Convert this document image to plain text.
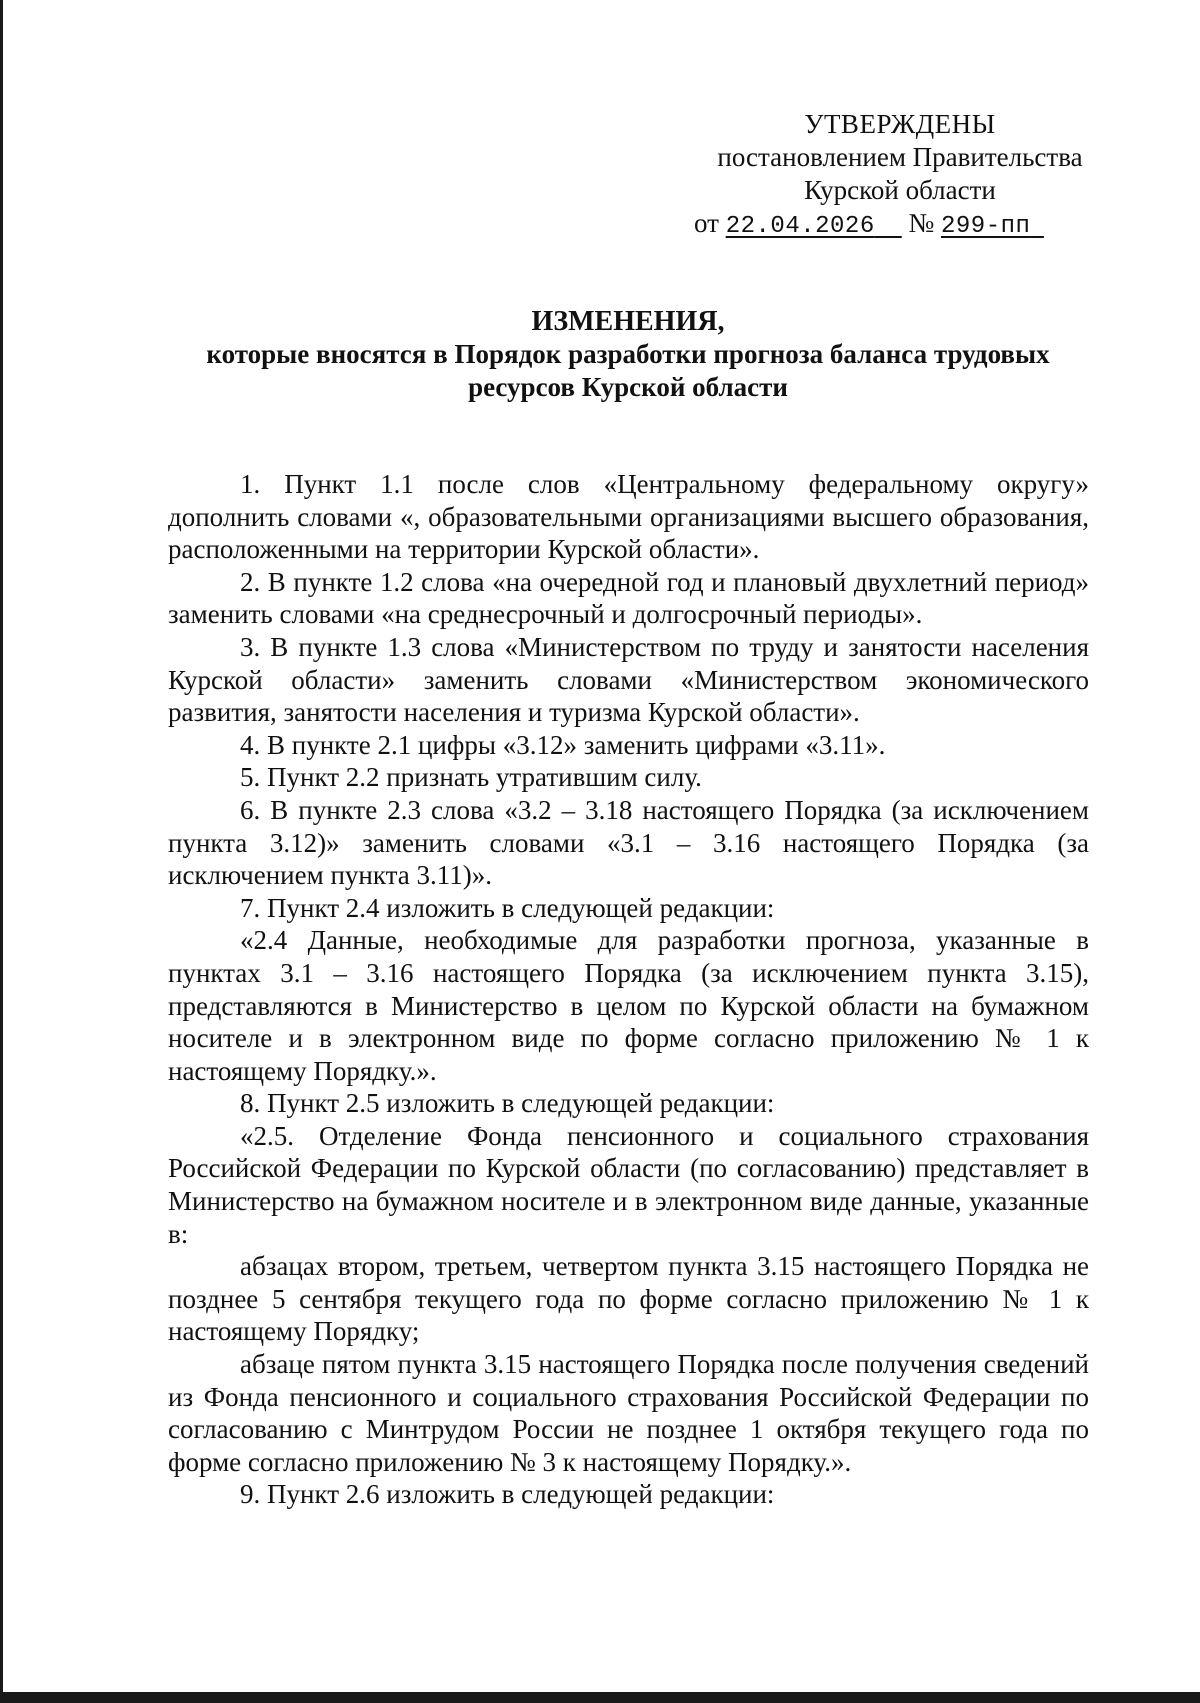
УТВЕРЖДЕНЫ
постановлением Правительства
Курской области
от 22.04.2026 № 299-пп
ИЗМЕНЕНИЯ,
которые вносятся в Порядок разработки прогноза баланса трудовых ресурсов Курской области

1. Пункт 1.1 после слов «Центральному федеральному округу» дополнить словами «, образовательными организациями высшего образования, расположенными на территории Курской области».

2. В пункте 1.2 слова «на очередной год и плановый двухлетний период» заменить словами «на среднесрочный и долгосрочный периоды».

3. В пункте 1.3 слова «Министерством по труду и занятости населения Курской области» заменить словами «Министерством экономического развития, занятости населения и туризма Курской области».

4. В пункте 2.1 цифры «3.12» заменить цифрами «3.11».

5. Пункт 2.2 признать утратившим силу.

6. В пункте 2.3 слова «3.2 – 3.18 настоящего Порядка (за исключением пункта 3.12)» заменить словами «3.1 – 3.16 настоящего Порядка (за исключением пункта 3.11)».

7. Пункт 2.4 изложить в следующей редакции:

«2.4 Данные, необходимые для разработки прогноза, указанные в пунктах 3.1 – 3.16 настоящего Порядка (за исключением пункта 3.15), представляются в Министерство в целом по Курской области на бумажном носителе и в электронном виде по форме согласно приложению № 1 к настоящему Порядку.».

8. Пункт 2.5 изложить в следующей редакции:

«2.5. Отделение Фонда пенсионного и социального страхования Российской Федерации по Курской области (по согласованию) представляет в Министерство на бумажном носителе и в электронном виде данные, указанные в:

абзацах втором, третьем, четвертом пункта 3.15 настоящего Порядка не позднее 5 сентября текущего года по форме согласно приложению № 1 к настоящему Порядку;

абзаце пятом пункта 3.15 настоящего Порядка после получения сведений из Фонда пенсионного и социального страхования Российской Федерации по согласованию с Минтрудом России не позднее 1 октября текущего года по форме согласно приложению № 3 к настоящему Порядку.».

9. Пункт 2.6 изложить в следующей редакции:
